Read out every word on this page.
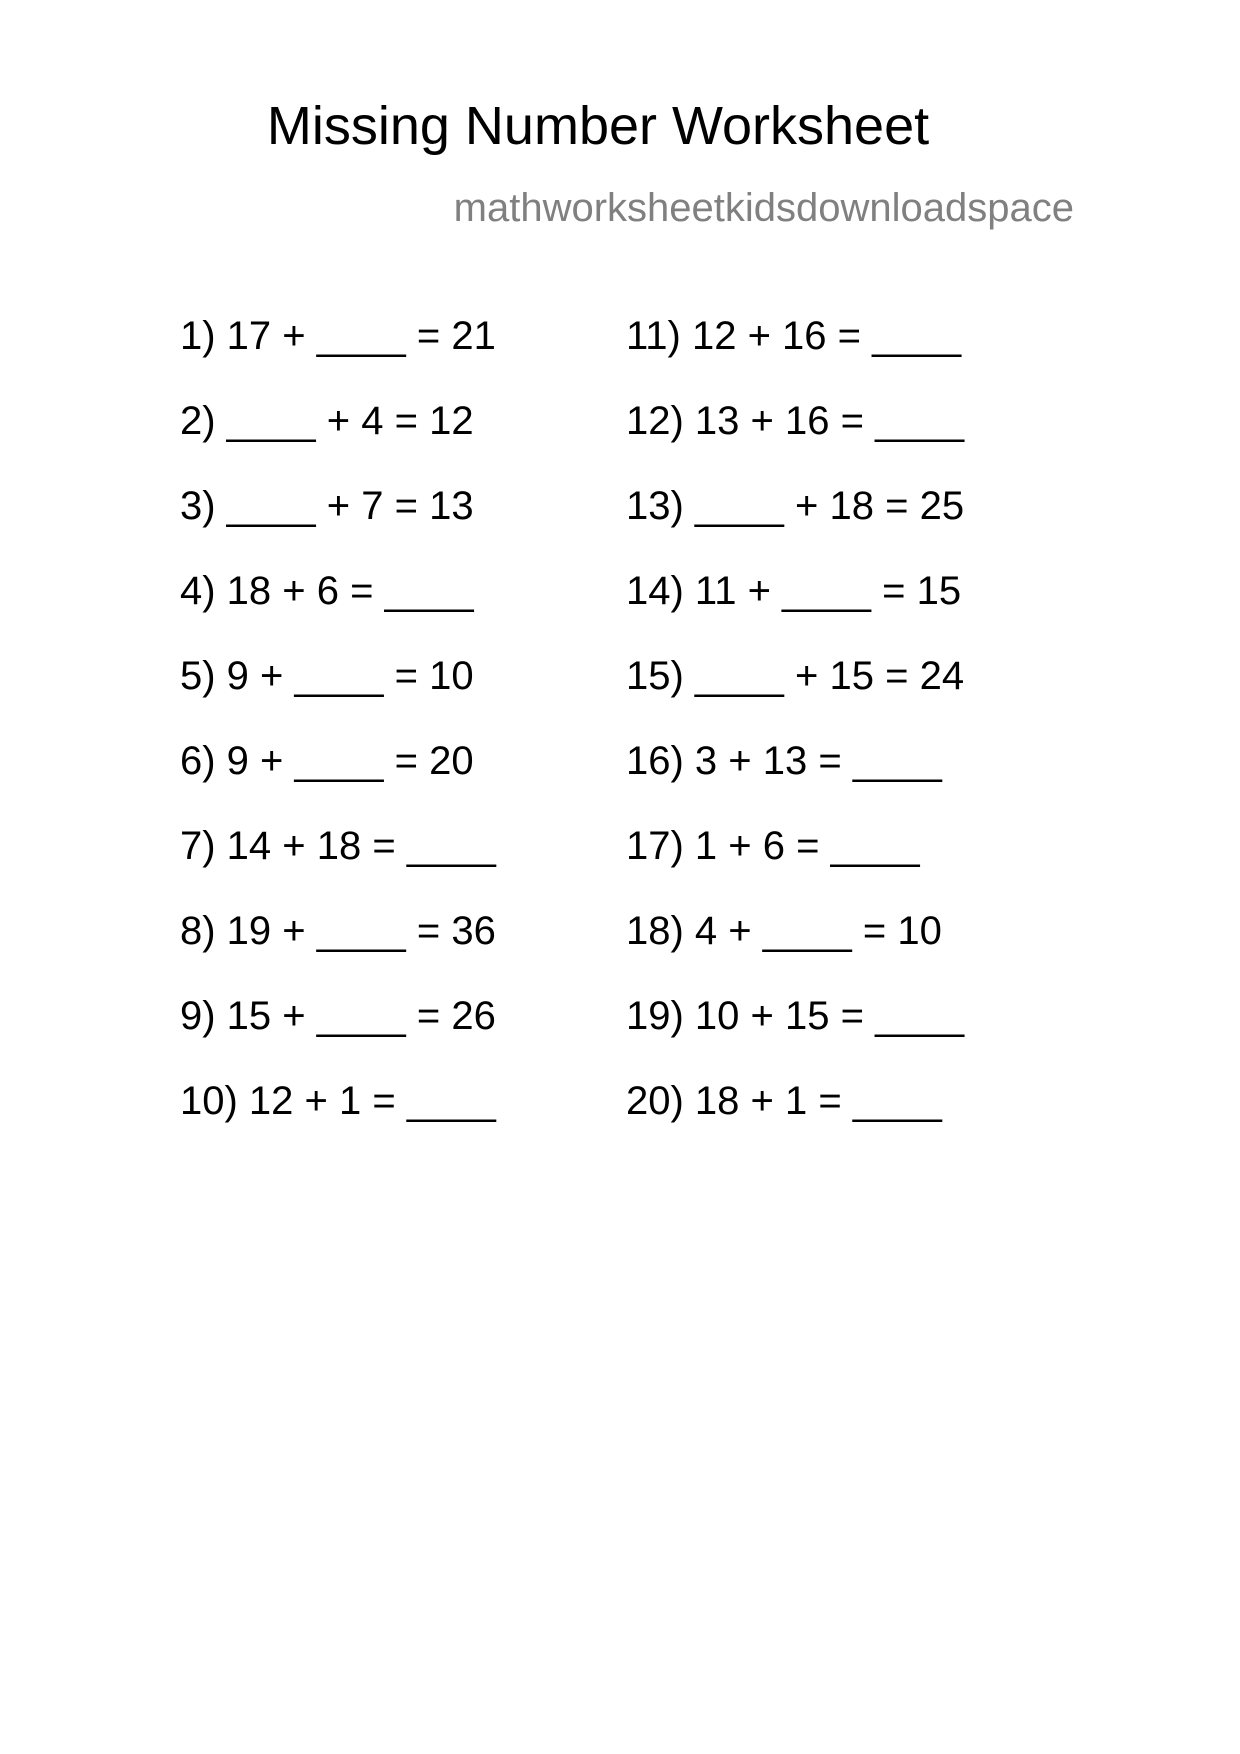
Missing Number Worksheet
mathworksheetkidsdownloadspace
1) 17 + ____ = 21
2) ____ + 4 = 12
3) ____ + 7 = 13
4) 18 + 6 = ____
5) 9 + ____ = 10
6) 9 + ____ = 20
7) 14 + 18 = ____
8) 19 + ____ = 36
9) 15 + ____ = 26
10) 12 + 1 = ____
11) 12 + 16 = ____
12) 13 + 16 = ____
13) ____ + 18 = 25
14) 11 + ____ = 15
15) ____ + 15 = 24
16) 3 + 13 = ____
17) 1 + 6 = ____
18) 4 + ____ = 10
19) 10 + 15 = ____
20) 18 + 1 = ____
